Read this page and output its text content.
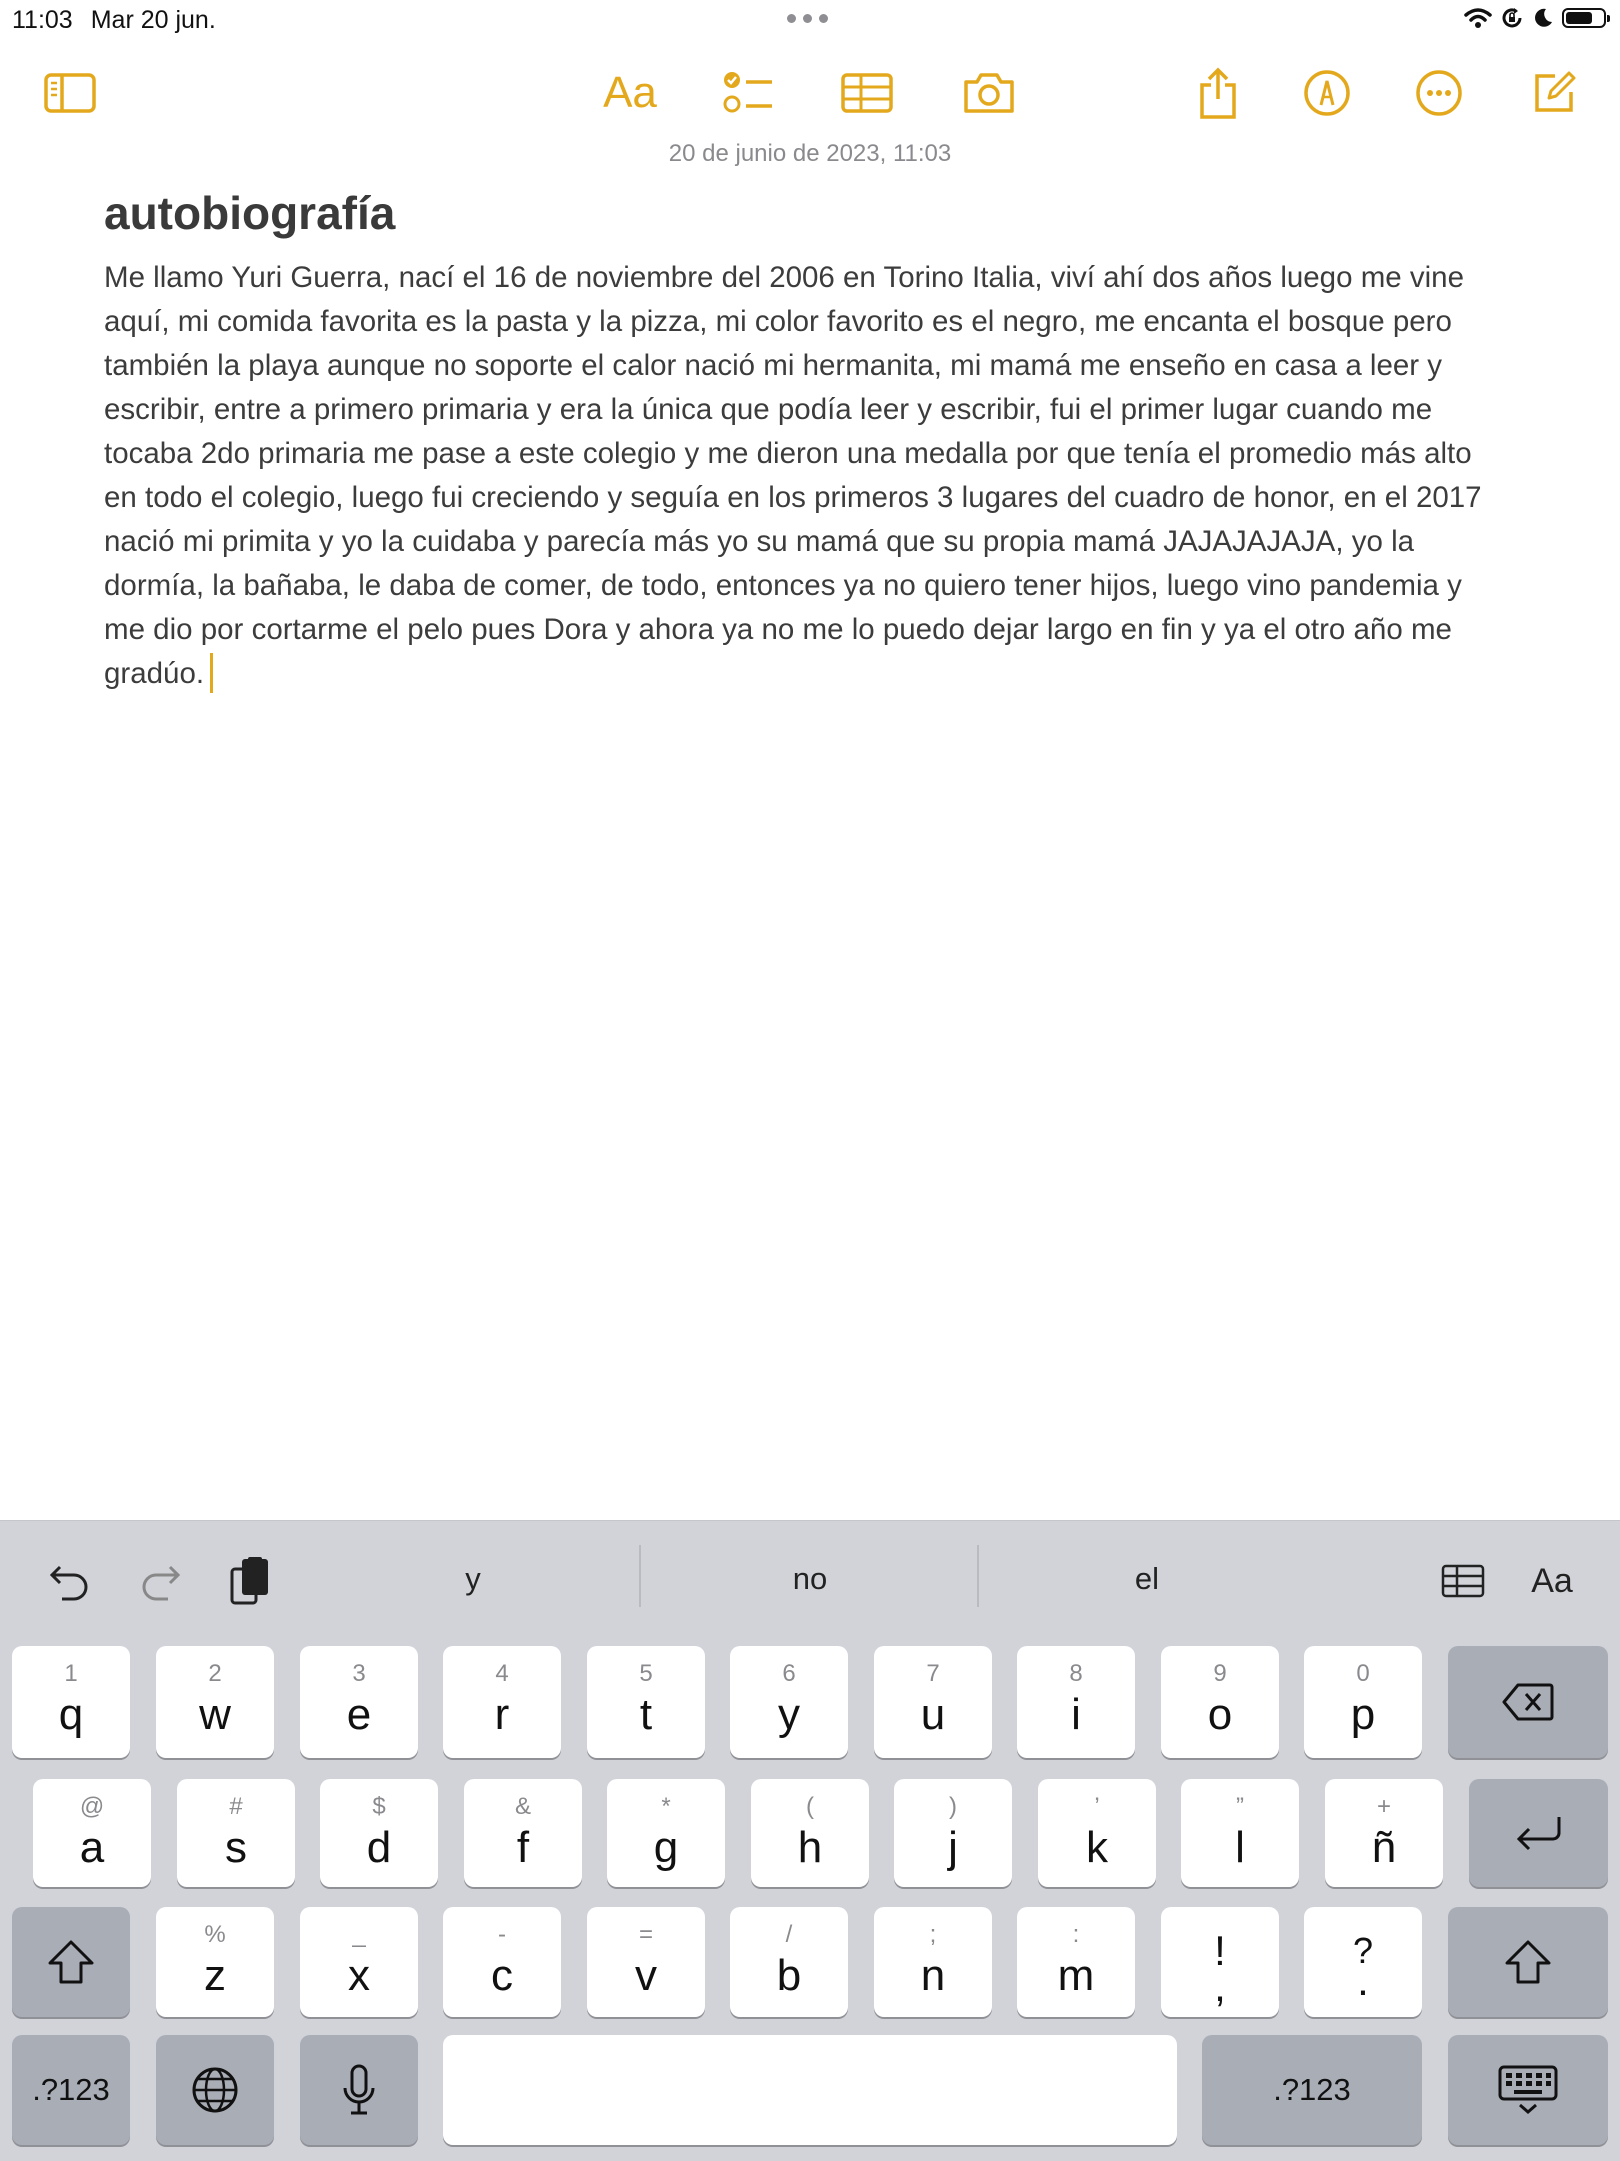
11:03 Mar 20 jun.
Aa
20 de junio de 2023, 11:03
autobiografía

Me llamo Yuri Guerra, nací el 16 de noviembre del 2006 en Torino Italia, viví ahí dos años luego me vine aquí, mi comida favorita es la pasta y la pizza, mi color favorito es el negro, me encanta el bosque pero también la playa aunque no soporte el calor nació mi hermanita, mi mamá me enseño en casa a leer y escribir, entre a primero primaria y era la única que podía leer y escribir, fui el primer lugar cuando me tocaba 2do primaria me pase a este colegio y me dieron una medalla por que tenía el promedio más alto en todo el colegio, luego fui creciendo y seguía en los primeros 3 lugares del cuadro de honor, en el 2017 nació mi primita y yo la cuidaba y parecía más yo su mamá que su propia mamá JAJAJAJAJA, yo la dormía, la bañaba, le daba de comer, de todo, entonces ya no quiero tener hijos, luego vino pandemia y me dio por cortarme el pelo pues Dora y ahora ya no me lo puedo dejar largo en fin y ya el otro año me gradúo.

y	no	el	Aa
1
q
2
w
3
e
4
r
5
t
6
y
7
u
8
i
9
o
0
p
@
a
#
s
$
d
&
f
*
g
(
h
)
j
’
k
”
l
+
ñ
%
z
_
x
-
c
=
v
/
b
;
n
:
m
!
,
?
.
.?123	.?123
